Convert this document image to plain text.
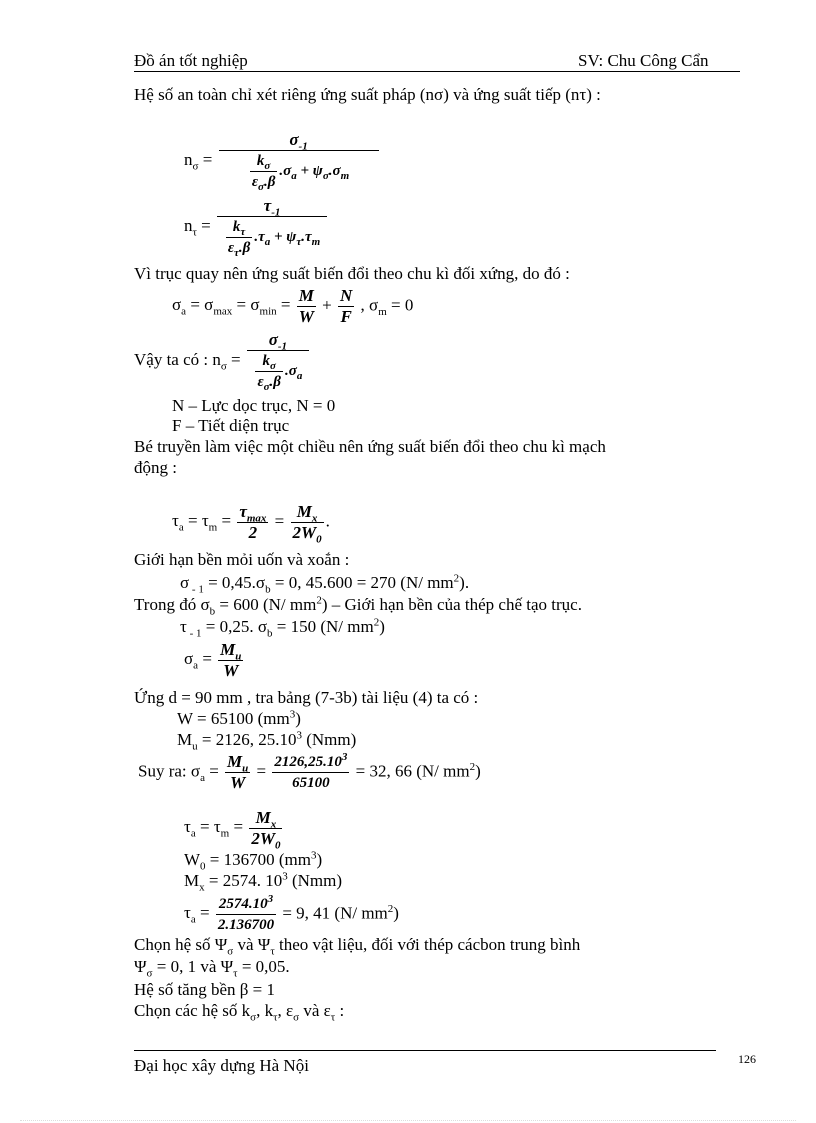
Đồ án tốt nghiệp	SV: Chu Công Cẩn
Hệ số an toàn chỉ xét riêng ứng suất pháp (nσ) và ứng suất tiếp (nτ) :
$n_\sigma = \frac{\sigma_{-1}}{\frac{k_\sigma}{\varepsilon_\sigma.\beta} .\sigma_a + \psi_\sigma.\sigma_m}$
$n_\tau = \frac{\tau_{-1}}{\frac{k_\tau}{\varepsilon_\tau.\beta} .\tau_a + \psi_\tau.\tau_m}$
Vì trục quay nên ứng suất biến đổi theo chu kì đối xứng, do đó :
$\sigma_a = \sigma_{max} = \sigma_{min} = \frac{M}{W} + \frac{N}{F}$ , $\sigma_m = 0$
Vậy ta có : $n_\sigma = \frac{\sigma_{-1}}{\frac{k_\sigma}{\varepsilon_\sigma.\beta} .\sigma_a}$
N – Lực dọc trục, N = 0
F – Tiết diện trục
Bé truyền làm việc một chiều nên ứng suất biến đổi theo chu kì mạch
động :
$\tau_a = \tau_m = \frac{\tau_{max}}{2} = \frac{M_x}{2W_0}$ .
Giới hạn bền mỏi uốn và xoắn :
σ $_{- 1} = 0,45.\sigma_b = 0$, 45.600 = 270 (N/ $mm^2$).
Trong đó $\sigma_b = 600$ (N/ $mm^2$) – Giới hạn bền của thép chế tạo trục.
τ $_{- 1}$ = 0,25. $\sigma_b = 150$ (N/ $mm^2$)
$\sigma_a = \frac{M_u}{W}$
Ứng d = 90 mm , tra bảng (7-3b) tài liệu (4) ta có :
W = 65100 $(mm^3)$
$M_u = 2126$, 25.10$^3$ (Nmm)
Suy ra: $\sigma_a = \frac{M_u}{W} = \frac{2126,25.10^3}{65100} = 32$, 66 (N/ $mm^2$)
$\tau_a = \tau_m = \frac{M_x}{2W_0}$
$W_0 = 136700$ $(mm^3)$
$M_x = 2574$. $10^3$ (Nmm)
$\tau_a = \frac{2574.10^3}{2.136700} = 9$, 41 (N/ $mm^2$)
Chọn hệ số $\Psi_\sigma$ và $\Psi_\tau$ theo vật liệu, đối với thép cácbon trung bình
$\Psi_\sigma = 0$, 1 và $\Psi_\tau = 0,05$.
Hệ số tăng bền β = 1
Chọn các hệ số $k_\sigma$, $k_\tau$, $\varepsilon_\sigma$ và $\varepsilon_\tau$ :
Đại học xây dựng Hà Nội	126
